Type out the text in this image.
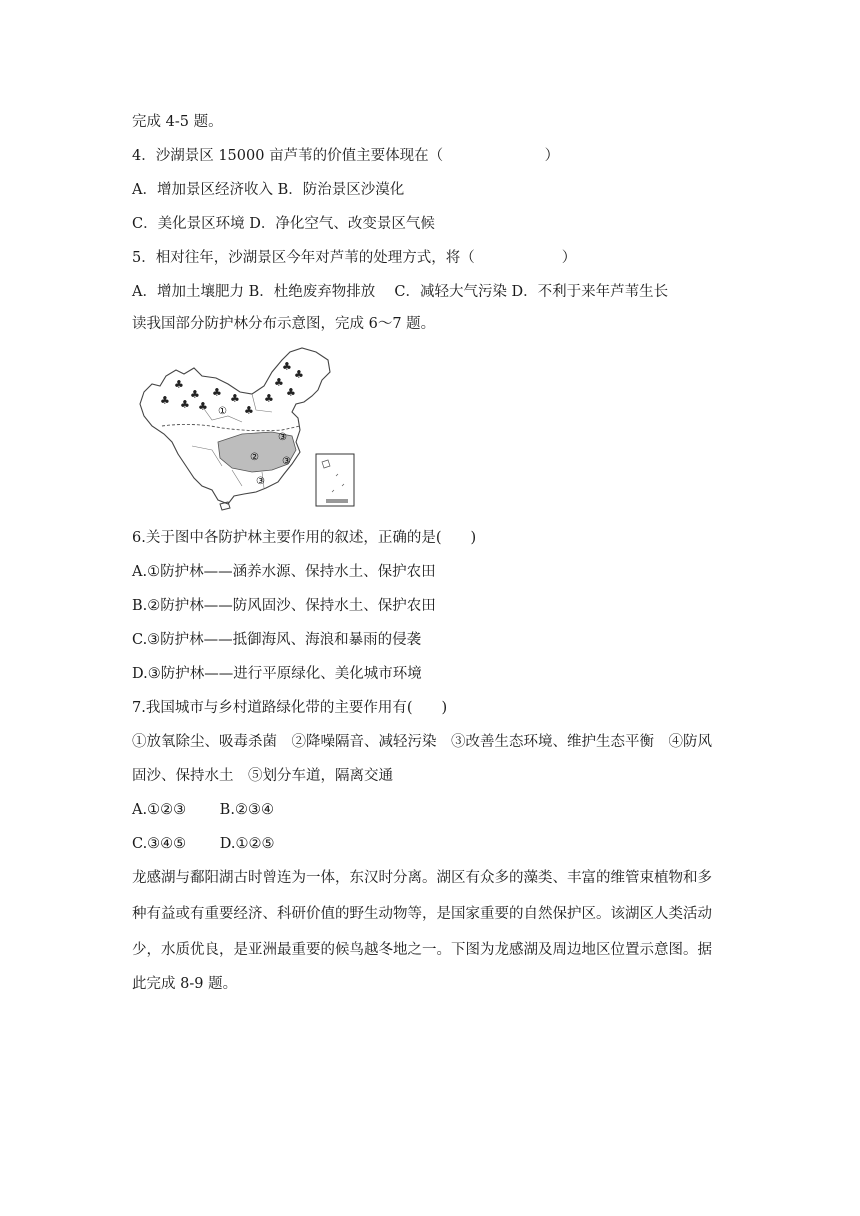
完成 4-5 题。
4．沙湖景区 15000 亩芦苇的价值主要体现在（　　　　　　　）
A．增加景区经济收入 B．防治景区沙漠化
C．美化景区环境 D．净化空气、改变景区气候
5．相对往年，沙湖景区今年对芦苇的处理方式，将（　　　　　　）
A．增加土壤肥力 B．杜绝废弃物排放　 C．减轻大气污染 D．不利于来年芦苇生长
读我国部分防护林分布示意图，完成 6～7 题。
♣
♣
♣ ♣ ♣
♣ ♣
♣
♣
♣
♣
♣
♣
①
②
③
③
③
6.关于图中各防护林主要作用的叙述，正确的是(　　)
A.①防护林——涵养水源、保持水土、保护农田
B.②防护林——防风固沙、保持水土、保护农田
C.③防护林——抵御海风、海浪和暴雨的侵袭
D.③防护林——进行平原绿化、美化城市环境
7.我国城市与乡村道路绿化带的主要作用有(　　)
①放氧除尘、吸毒杀菌　②降噪隔音、减轻污染　③改善生态环境、维护生态平衡　④防风
固沙、保持水土　⑤划分车道，隔离交通
A.①②③　　 B.②③④
C.③④⑤　　 D.①②⑤
龙感湖与鄱阳湖古时曾连为一体，东汉时分离。湖区有众多的藻类、丰富的维管束植物和多
种有益或有重要经济、科研价值的野生动物等，是国家重要的自然保护区。该湖区人类活动
少，水质优良，是亚洲最重要的候鸟越冬地之一。下图为龙感湖及周边地区位置示意图。据
此完成 8-9 题。
